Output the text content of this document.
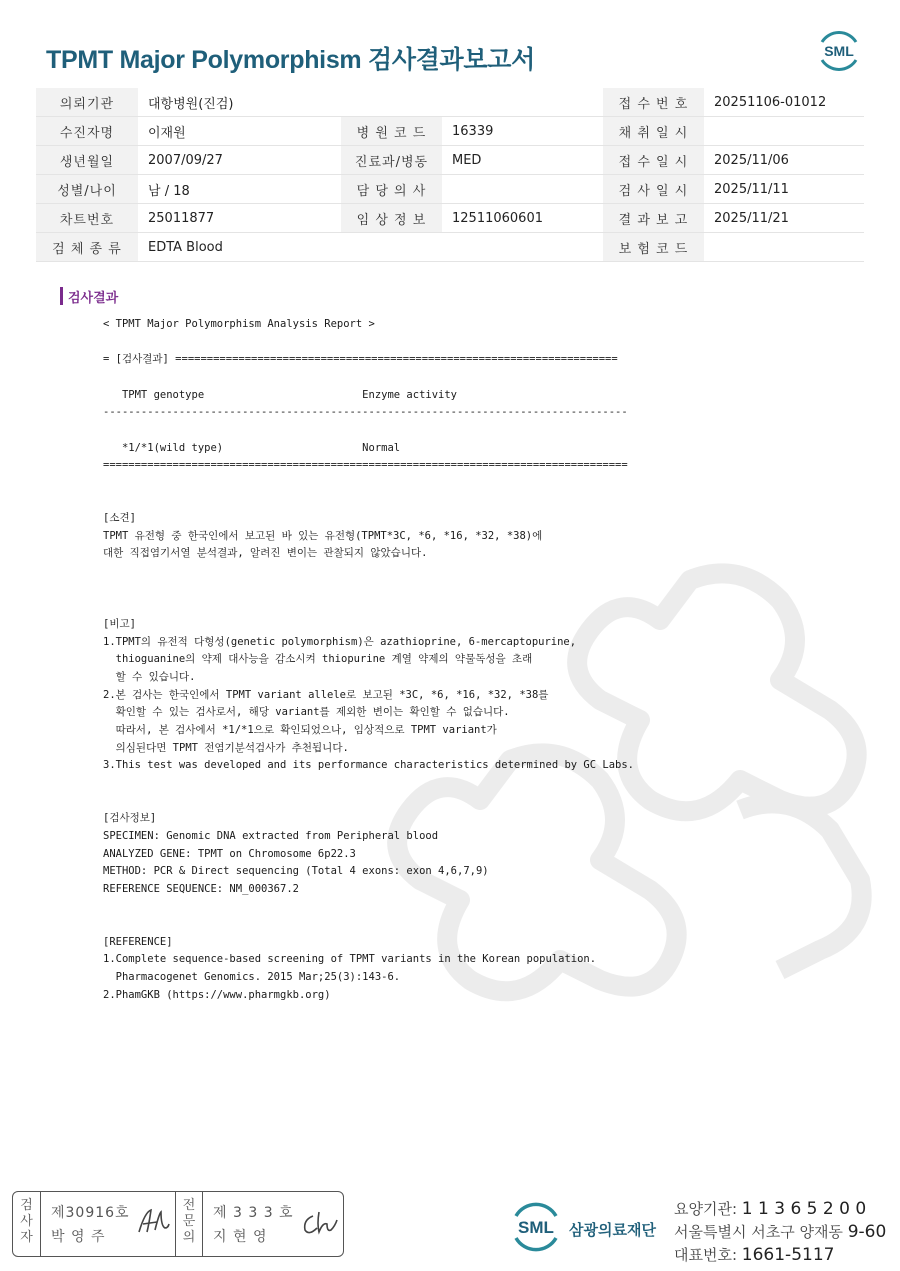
TPMT Major Polymorphism 검사결과보고서	SML
의뢰기관	대항병원(진검)			접 수 번 호	20251106-01012
수진자명	이재원	병 원 코 드	16339	채 취 일 시	
생년월일	2007/09/27	진료과/병동	MED	접 수 일 시	2025/11/06
성별/나이	남 / 18	담 당 의 사		검 사 일 시	2025/11/11
차트번호	25011877	임 상 정 보	12511060601	결 과 보 고	2025/11/21
검 체 종 류	EDTA Blood			보 험 코 드	
검사결과
< TPMT Major Polymorphism Analysis Report >
= [검사결과] ======================================================================
TPMT genotype                         Enzyme activity
-----------------------------------------------------------------------------------
*1/*1(wild type)                      Normal
===================================================================================
[소견]
TPMT 유전형 중 한국인에서 보고된 바 있는 유전형(TPMT*3C, *6, *16, *32, *38)에
대한 직접염기서열 분석결과, 알려진 변이는 관찰되지 않았습니다.
[비고]
1.TPMT의 유전적 다형성(genetic polymorphism)은 azathioprine, 6-mercaptopurine,
thioguanine의 약제 대사능을 감소시켜 thiopurine 계열 약제의 약물독성을 초래
할 수 있습니다.
2.본 검사는 한국인에서 TPMT variant allele로 보고된 *3C, *6, *16, *32, *38를
확인할 수 있는 검사로서, 해당 variant를 제외한 변이는 확인할 수 없습니다.
따라서, 본 검사에서 *1/*1으로 확인되었으나, 임상적으로 TPMT variant가
의심된다면 TPMT 전염기분석검사가 추천됩니다.
3.This test was developed and its performance characteristics determined by GC Labs.
[검사정보]
SPECIMEN: Genomic DNA extracted from Peripheral blood
ANALYZED GENE: TPMT on Chromosome 6p22.3
METHOD: PCR & Direct sequencing (Total 4 exons: exon 4,6,7,9)
REFERENCE SEQUENCE: NM_000367.2
[REFERENCE]
1.Complete sequence-based screening of TPMT variants in the Korean population.
Pharmacogenet Genomics. 2015 Mar;25(3):143-6.
2.PhamGKB (https://www.pharmgkb.org)
검
사
자
제30916호
박 영 주
전
문
의
제 3 3 3 호
지 현 영	SML 삼광의료재단
요양기관: 1 1 3 6 5 2 0 0
서울특별시 서초구 양재동 9-60
대표번호: 1661-5117
